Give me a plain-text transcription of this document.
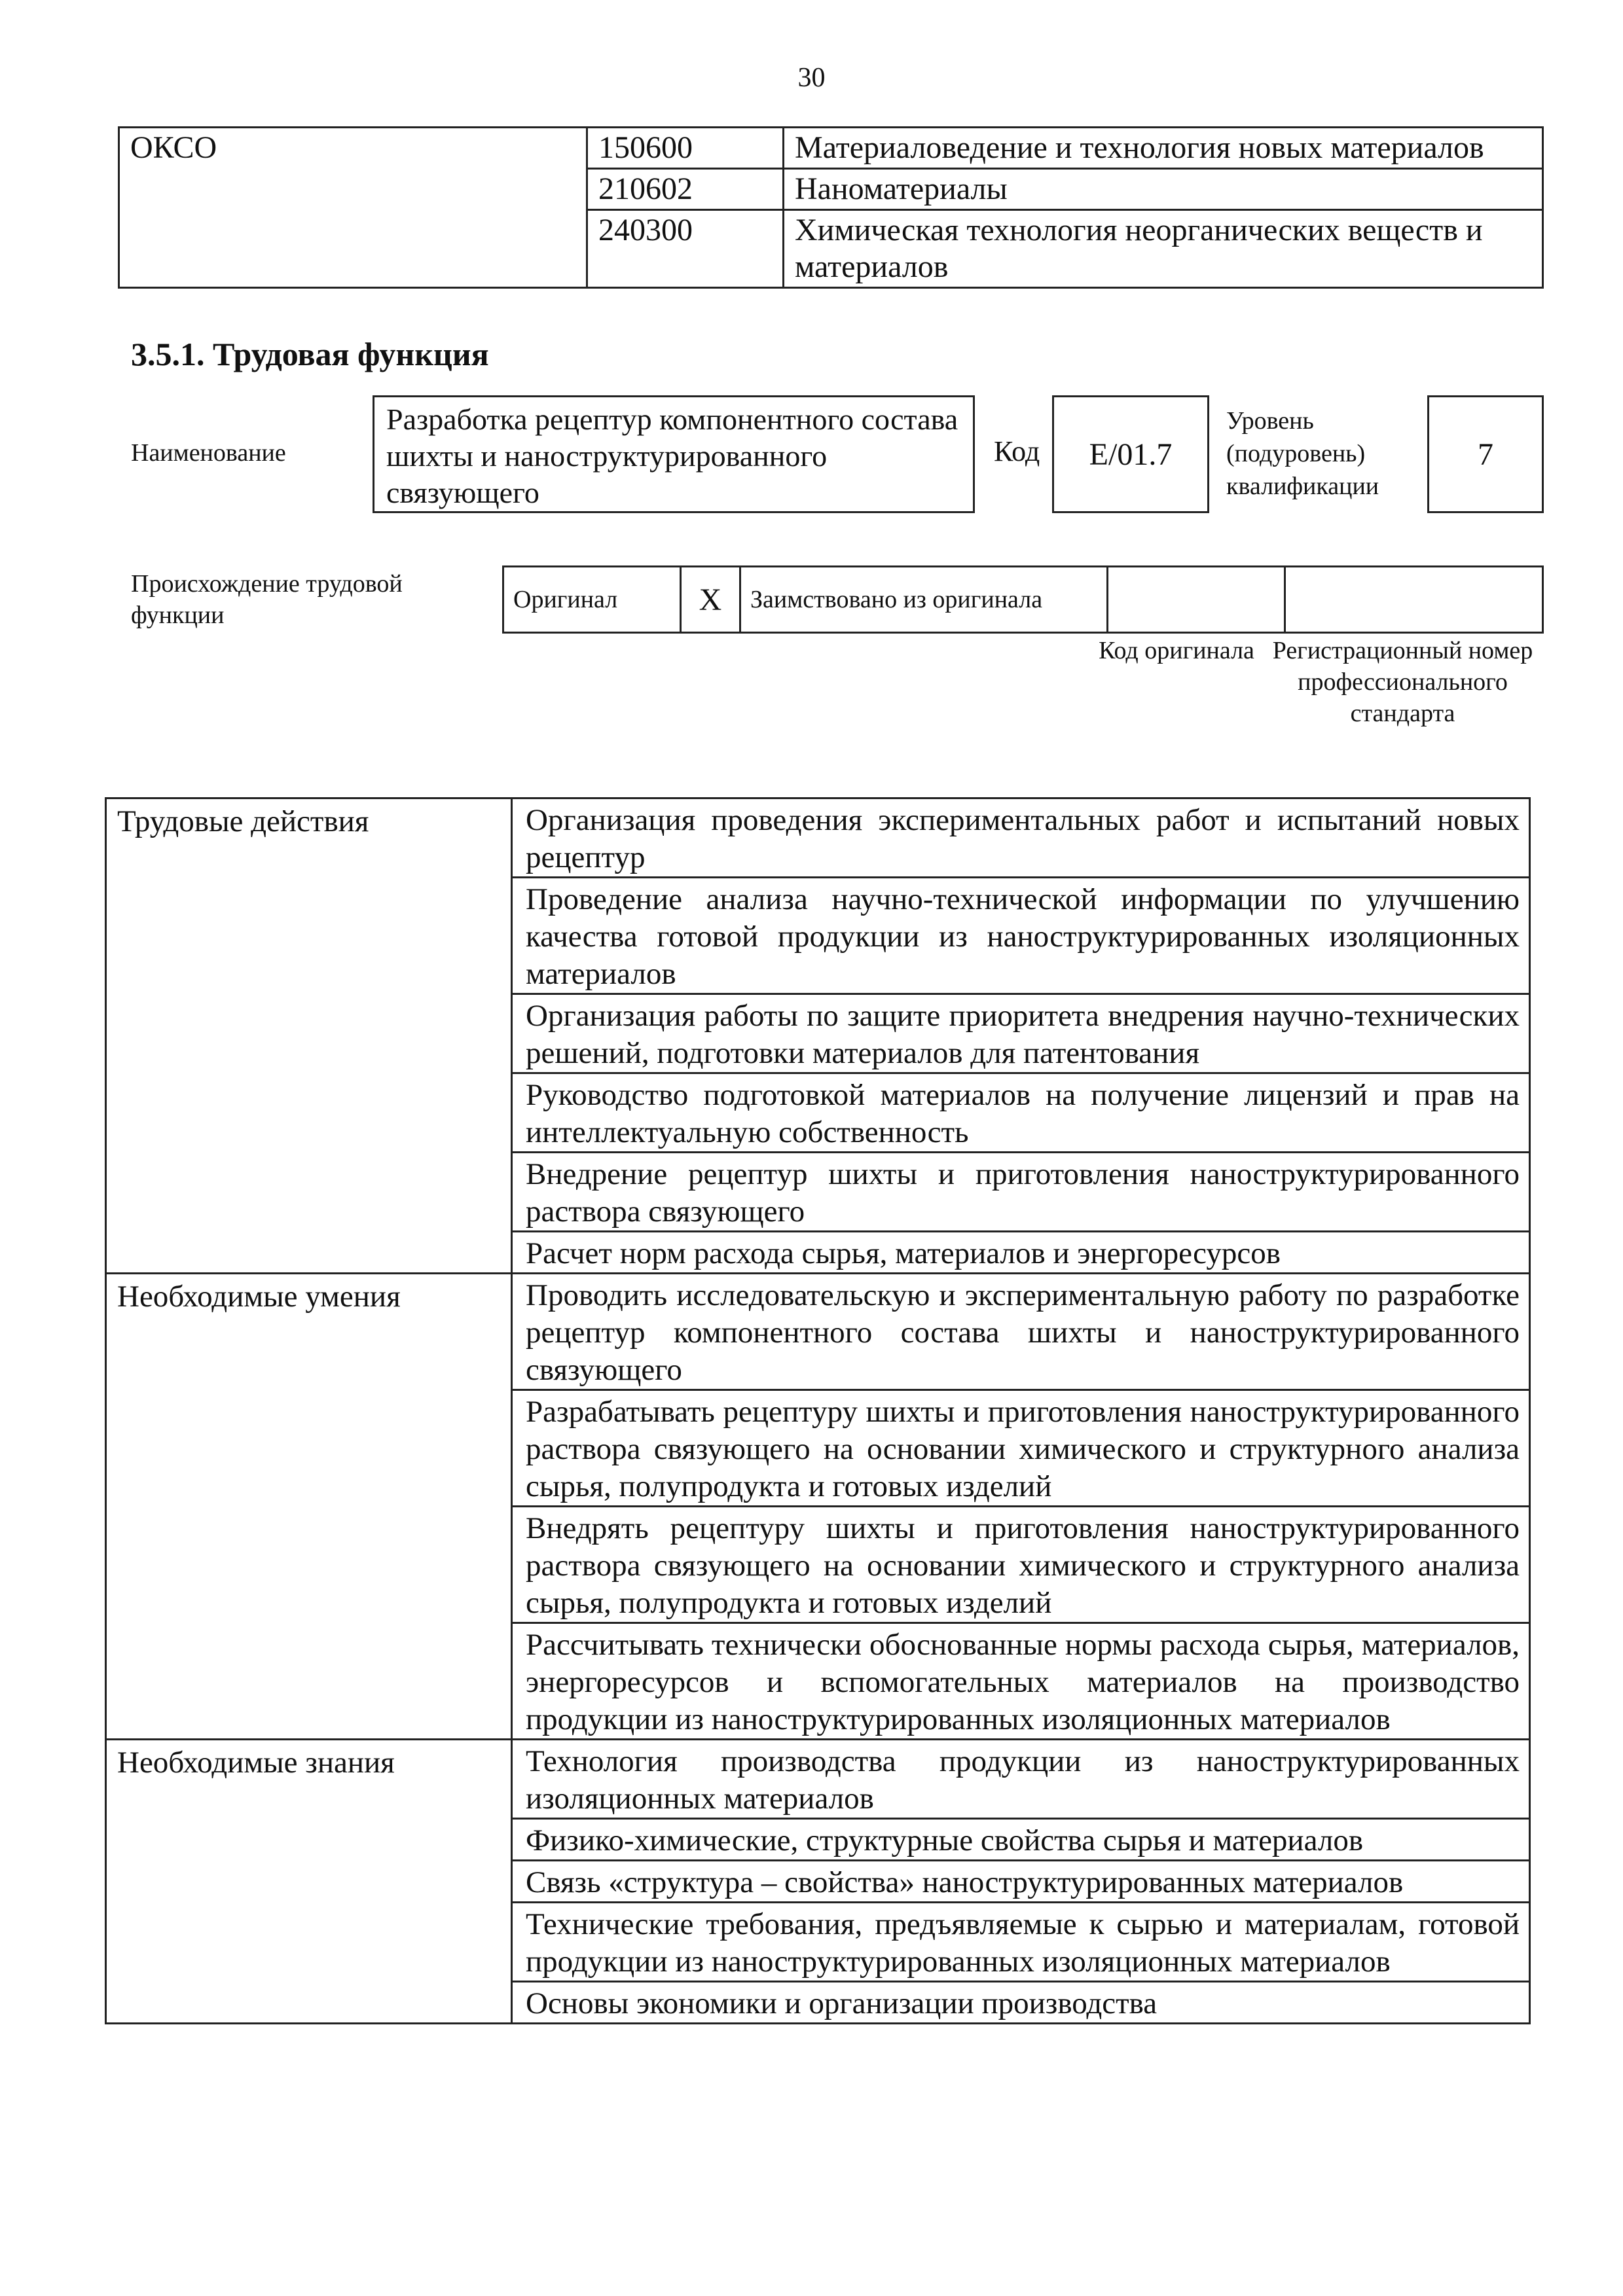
30
ОКСО	150600	Материаловедение и технология новых материалов
	210602	Наноматериалы
	240300	Химическая технология неорганических веществ и материалов
3.5.1. Трудовая функция
Наименование
Разработка рецептур компонентного состава шихты и наноструктурированного связующего
Код	E/01.7
Уровень (подуровень) квалификации
7
Происхождение трудовой функции
Оригинал	X	Заимствовано из оригинала		
Код оригинала Регистрационный номер профессионального стандарта
Трудовые действия	Организация проведения экспериментальных работ и испытаний новых рецептур
	Проведение анализа научно-технической информации по улучшению качества готовой продукции из наноструктурированных изоляционных материалов
	Организация работы по защите приоритета внедрения научно-технических решений, подготовки материалов для патентования
	Руководство подготовкой материалов на получение лицензий и прав на интеллектуальную собственность
	Внедрение рецептур шихты и приготовления наноструктурированного раствора связующего
	Расчет норм расхода сырья, материалов и энергоресурсов
Необходимые умения	Проводить исследовательскую и экспериментальную работу по разработке рецептур компонентного состава шихты и наноструктурированного связующего
	Разрабатывать рецептуру шихты и приготовления наноструктурированного раствора связующего на основании химического и структурного анализа сырья, полупродукта и готовых изделий
	Внедрять рецептуру шихты и приготовления наноструктурированного раствора связующего на основании химического и структурного анализа сырья, полупродукта и готовых изделий
	Рассчитывать технически обоснованные нормы расхода сырья, материалов, энергоресурсов и вспомогательных материалов на производство продукции из наноструктурированных изоляционных материалов
Необходимые знания	Технология производства продукции из наноструктурированных изоляционных материалов
	Физико-химические, структурные свойства сырья и материалов
	Связь «структура – свойства» наноструктурированных материалов
	Технические требования, предъявляемые к сырью и материалам, готовой продукции из наноструктурированных изоляционных материалов
	Основы экономики и организации производства
